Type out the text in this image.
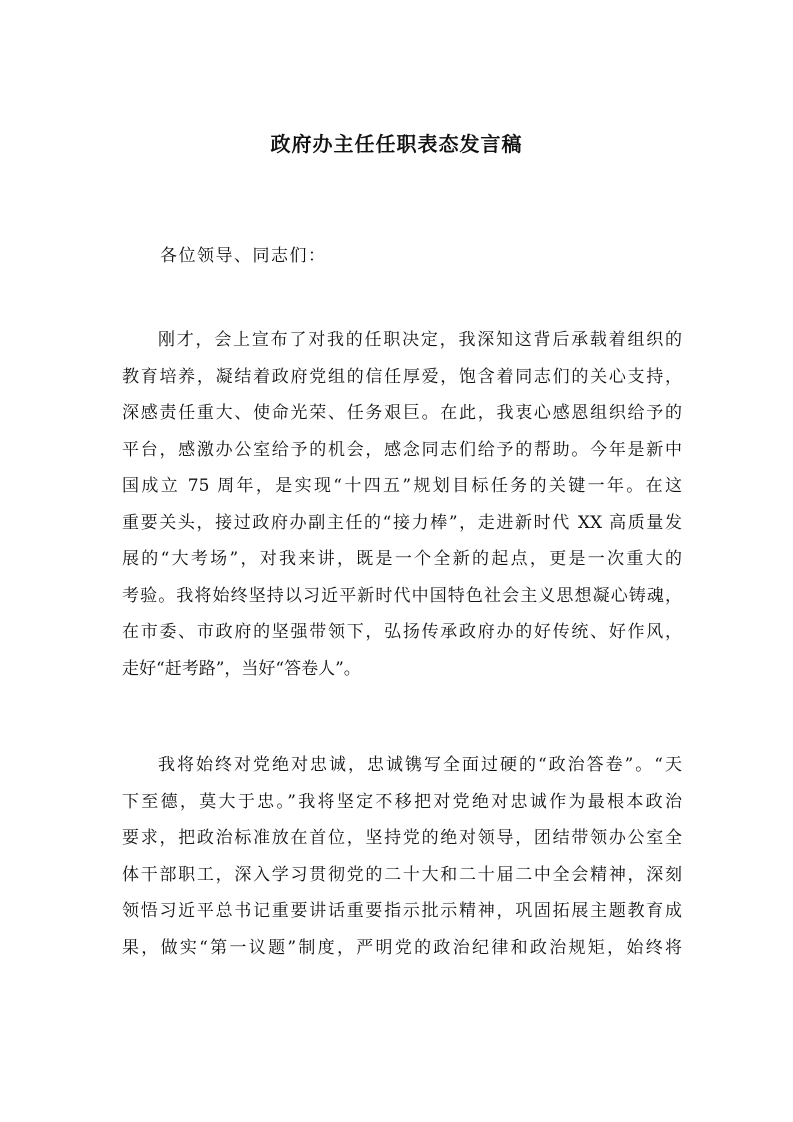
政府办主任任职表态发言稿
各位领导、同志们：
刚才，会上宣布了对我的任职决定，我深知这背后承载着组织的
教育培养，凝结着政府党组的信任厚爱，饱含着同志们的关心支持，
深感责任重大、使命光荣、任务艰巨。在此，我衷心感恩组织给予的
平台，感激办公室给予的机会，感念同志们给予的帮助。今年是新中
国成立 75 周年，是实现“十四五”规划目标任务的关键一年。在这
重要关头，接过政府办副主任的“接力棒”，走进新时代 XX 高质量发
展的“大考场”，对我来讲，既是一个全新的起点，更是一次重大的
考验。我将始终坚持以习近平新时代中国特色社会主义思想凝心铸魂，
在市委、市政府的坚强带领下，弘扬传承政府办的好传统、好作风，
走好“赶考路”，当好“答卷人”。
我将始终对党绝对忠诚，忠诚镌写全面过硬的“政治答卷”。“天
下至德，莫大于忠。”我将坚定不移把对党绝对忠诚作为最根本政治
要求，把政治标准放在首位，坚持党的绝对领导，团结带领办公室全
体干部职工，深入学习贯彻党的二十大和二十届二中全会精神，深刻
领悟习近平总书记重要讲话重要指示批示精神，巩固拓展主题教育成
果，做实“第一议题”制度，严明党的政治纪律和政治规矩，始终将
